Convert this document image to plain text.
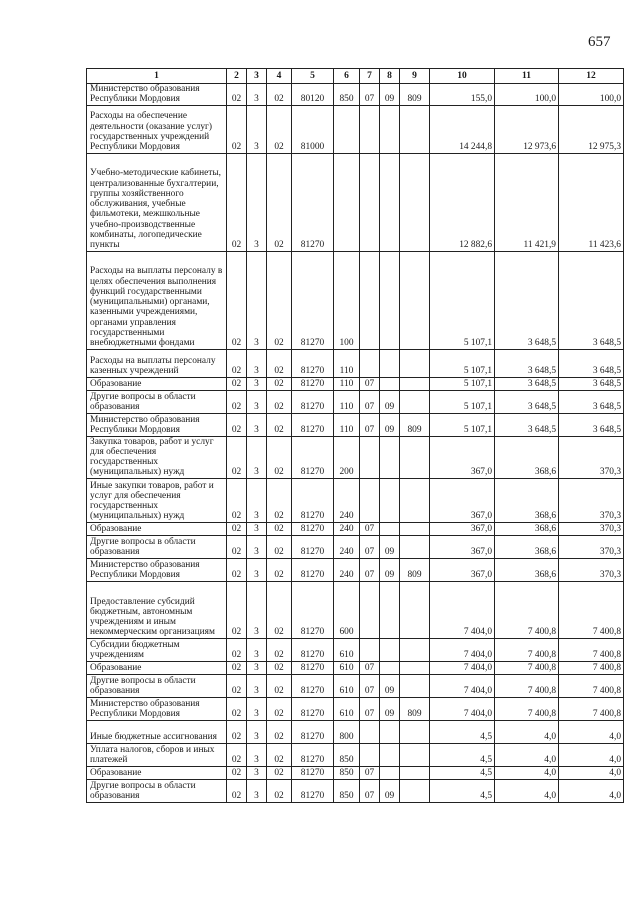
657
1	2	3	4	5	6	7	8	9	10	11	12
Министерство образования Республики Мордовия	02	3	02	80120	850	07	09	809	155,0	100,0	100,0
Расходы на обеспечение деятельности (оказание услуг) государственных учреждений Республики Мордовия	02	3	02	81000					14 244,8	12 973,6	12 975,3
Учебно-методические кабинеты, централизованные бухгалтерии, группы хозяйственного обслуживания, учебные фильмотеки, межшкольные учебно-производственные комбинаты, логопедические пункты	02	3	02	81270					12 882,6	11 421,9	11 423,6
Расходы на выплаты персоналу в целях обеспечения выполнения функций государственными (муниципальными) органами, казенными учреждениями, органами управления государственными внебюджетными фондами	02	3	02	81270	100				5 107,1	3 648,5	3 648,5
Расходы на выплаты персоналу казенных учреждений	02	3	02	81270	110				5 107,1	3 648,5	3 648,5
Образование	02	3	02	81270	110	07			5 107,1	3 648,5	3 648,5
Другие вопросы в области образования	02	3	02	81270	110	07	09		5 107,1	3 648,5	3 648,5
Министерство образования Республики Мордовия	02	3	02	81270	110	07	09	809	5 107,1	3 648,5	3 648,5
Закупка товаров, работ и услуг для обеспечения государственных (муниципальных) нужд	02	3	02	81270	200				367,0	368,6	370,3
Иные закупки товаров, работ и услуг для обеспечения государственных (муниципальных) нужд	02	3	02	81270	240				367,0	368,6	370,3
Образование	02	3	02	81270	240	07			367,0	368,6	370,3
Другие вопросы в области образования	02	3	02	81270	240	07	09		367,0	368,6	370,3
Министерство образования Республики Мордовия	02	3	02	81270	240	07	09	809	367,0	368,6	370,3
Предоставление субсидий бюджетным, автономным учреждениям и иным некоммерческим организациям	02	3	02	81270	600				7 404,0	7 400,8	7 400,8
Субсидии бюджетным учреждениям	02	3	02	81270	610				7 404,0	7 400,8	7 400,8
Образование	02	3	02	81270	610	07			7 404,0	7 400,8	7 400,8
Другие вопросы в области образования	02	3	02	81270	610	07	09		7 404,0	7 400,8	7 400,8
Министерство образования Республики Мордовия	02	3	02	81270	610	07	09	809	7 404,0	7 400,8	7 400,8
Иные бюджетные ассигнования	02	3	02	81270	800				4,5	4,0	4,0
Уплата налогов, сборов и иных платежей	02	3	02	81270	850				4,5	4,0	4,0
Образование	02	3	02	81270	850	07			4,5	4,0	4,0
Другие вопросы в области образования	02	3	02	81270	850	07	09		4,5	4,0	4,0
